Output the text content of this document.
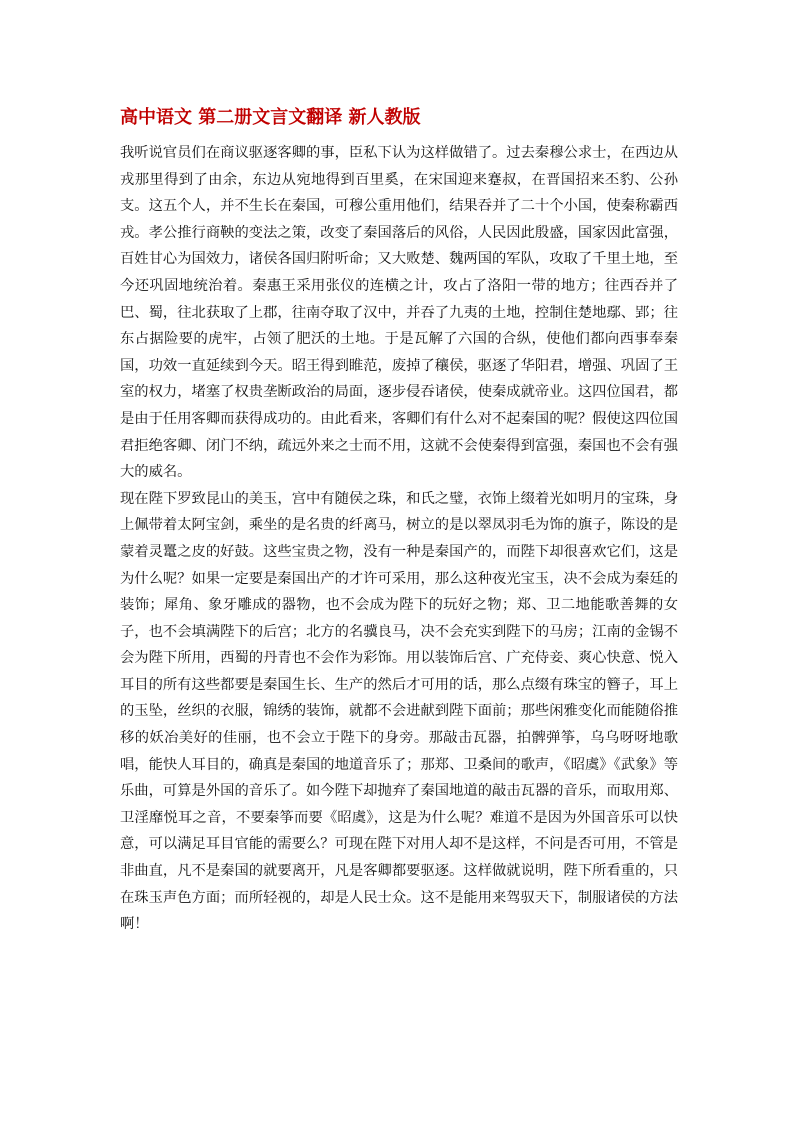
高中语文 第二册文言文翻译 新人教版

我听说官员们在商议驱逐客卿的事，臣私下认为这样做错了。过去秦穆公求士，在西边从戎那里得到了由余，东边从宛地得到百里奚，在宋国迎来蹇叔，在晋国招来丕豹、公孙支。这五个人，并不生长在秦国，可穆公重用他们，结果吞并了二十个小国，使秦称霸西戎。孝公推行商鞅的变法之策，改变了秦国落后的风俗，人民因此殷盛，国家因此富强，百姓甘心为国效力，诸侯各国归附听命；又大败楚、魏两国的军队，攻取了千里土地，至今还巩固地统治着。秦惠王采用张仪的连横之计，攻占了洛阳一带的地方；往西吞并了巴、蜀，往北获取了上郡，往南夺取了汉中，并吞了九夷的土地，控制住楚地鄢、郢；往东占据险要的虎牢，占领了肥沃的土地。于是瓦解了六国的合纵，使他们都向西事奉秦国，功效一直延续到今天。昭王得到睢范，废掉了穰侯，驱逐了华阳君，增强、巩固了王室的权力，堵塞了权贵垄断政治的局面，逐步侵吞诸侯，使秦成就帝业。这四位国君，都是由于任用客卿而获得成功的。由此看来，客卿们有什么对不起秦国的呢？假使这四位国君拒绝客卿、闭门不纳，疏远外来之士而不用，这就不会使秦得到富强，秦国也不会有强大的威名。

现在陛下罗致昆山的美玉，宫中有随侯之珠，和氏之璧，衣饰上缀着光如明月的宝珠，身上佩带着太阿宝剑，乘坐的是名贵的纤离马，树立的是以翠凤羽毛为饰的旗子，陈设的是蒙着灵鼍之皮的好鼓。这些宝贵之物，没有一种是秦国产的，而陛下却很喜欢它们，这是为什么呢？如果一定要是秦国出产的才许可采用，那么这种夜光宝玉，决不会成为秦廷的装饰；犀角、象牙雕成的器物，也不会成为陛下的玩好之物；郑、卫二地能歌善舞的女子，也不会填满陛下的后宫；北方的名骥良马，决不会充实到陛下的马房；江南的金锡不会为陛下所用，西蜀的丹青也不会作为彩饰。用以装饰后宫、广充侍妾、爽心快意、悦入耳目的所有这些都要是秦国生长、生产的然后才可用的话，那么点缀有珠宝的簪子，耳上的玉坠，丝织的衣服，锦绣的装饰，就都不会进献到陛下面前；那些闲雅变化而能随俗推移的妖冶美好的佳丽，也不会立于陛下的身旁。那敲击瓦器，拍髀弹筝，乌乌呀呀地歌唱，能快人耳目的，确真是秦国的地道音乐了；那郑、卫桑间的歌声，《昭虞》《武象》等乐曲，可算是外国的音乐了。如今陛下却抛弃了秦国地道的敲击瓦器的音乐，而取用郑、卫淫靡悦耳之音，不要秦筝而要《昭虞》，这是为什么呢？难道不是因为外国音乐可以快意，可以满足耳目官能的需要么？可现在陛下对用人却不是这样，不问是否可用，不管是非曲直，凡不是秦国的就要离开，凡是客卿都要驱逐。这样做就说明，陛下所看重的，只在珠玉声色方面；而所轻视的，却是人民士众。这不是能用来驾驭天下，制服诸侯的方法啊！
